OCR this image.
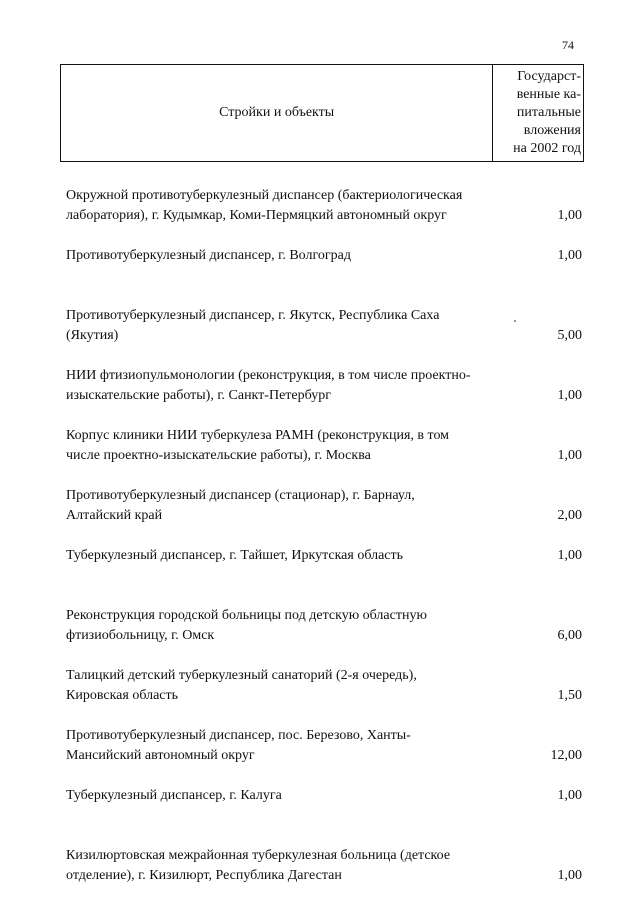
74
Стройки и объекты	
Государст-
венные ка-
питальные
вложения
на 2002 год
Окружной противотуберкулезный диспансер (бактериологическая
лаборатория), г. Кудымкар, Коми-Пермяцкий автономный округ	1,00
Противотуберкулезный диспансер, г. Волгоград	1,00
Противотуберкулезный диспансер, г. Якутск, Республика Саха
(Якутия)	5,00
НИИ фтизиопульмонологии (реконструкция, в том числе проектно-
изыскательские работы), г. Санкт-Петербург	1,00
Корпус клиники НИИ туберкулеза РАМН (реконструкция, в том
числе проектно-изыскательские работы), г. Москва	1,00
Противотуберкулезный диспансер (стационар), г. Барнаул,
Алтайский край	2,00
Туберкулезный диспансер, г. Тайшет, Иркутская область	1,00
Реконструкция городской больницы под детскую областную
фтизиобольницу, г. Омск	6,00
Талицкий детский туберкулезный санаторий (2-я очередь),
Кировская область	1,50
Противотуберкулезный диспансер, пос. Березово, Ханты-
Мансийский автономный округ	12,00
Туберкулезный диспансер, г. Калуга	1,00
Кизилюртовская межрайонная туберкулезная больница (детское
отделение), г. Кизилюрт, Республика Дагестан	1,00
